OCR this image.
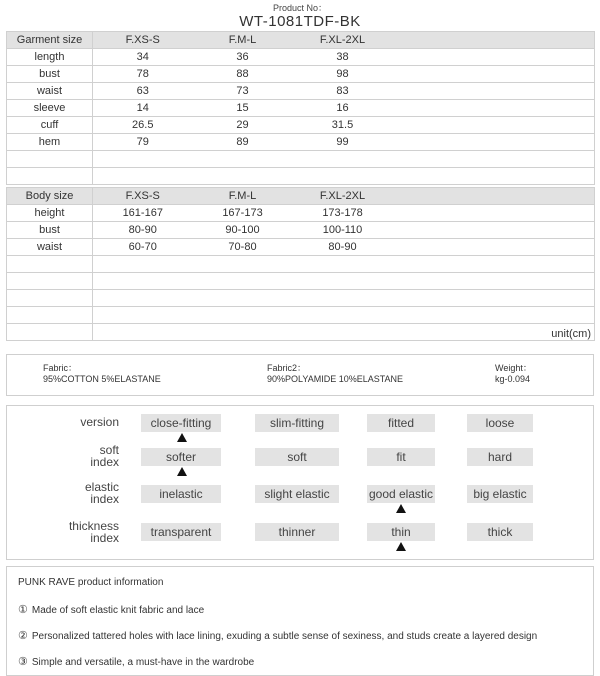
Product No：
WT-1081TDF-BK
Garment size	F.XS-S	F.M-L	F.XL-2XL	
length	34	36	38	
bust	78	88	98	
waist	63	73	83	
sleeve	14	15	16	
cuff	26.5	29	31.5	
hem	79	89	99	

Body size	F.XS-S	F.M-L	F.XL-2XL	
height	161-167	167-173	173-178	
bust	80-90	90-100	100-110	
waist	60-70	70-80	80-90	

				unit(cm)
Fabric：
95%COTTON 5%ELASTANE
Fabric2：
90%POLYAMIDE 10%ELASTANE
Weight：
kg-0.094
version	close-fitting	slim-fitting	fitted	loose
soft
index	softer	soft	fit	hard
elastic
index	inelastic	slight elastic	good elastic	big elastic
thickness
index	transparent	thinner	thin	thick
PUNK RAVE product information
① Made of soft elastic knit fabric and lace
② Personalized tattered holes with lace lining, exuding a subtle sense of sexiness, and studs create a layered design
③ Simple and versatile, a must-have in the wardrobe
